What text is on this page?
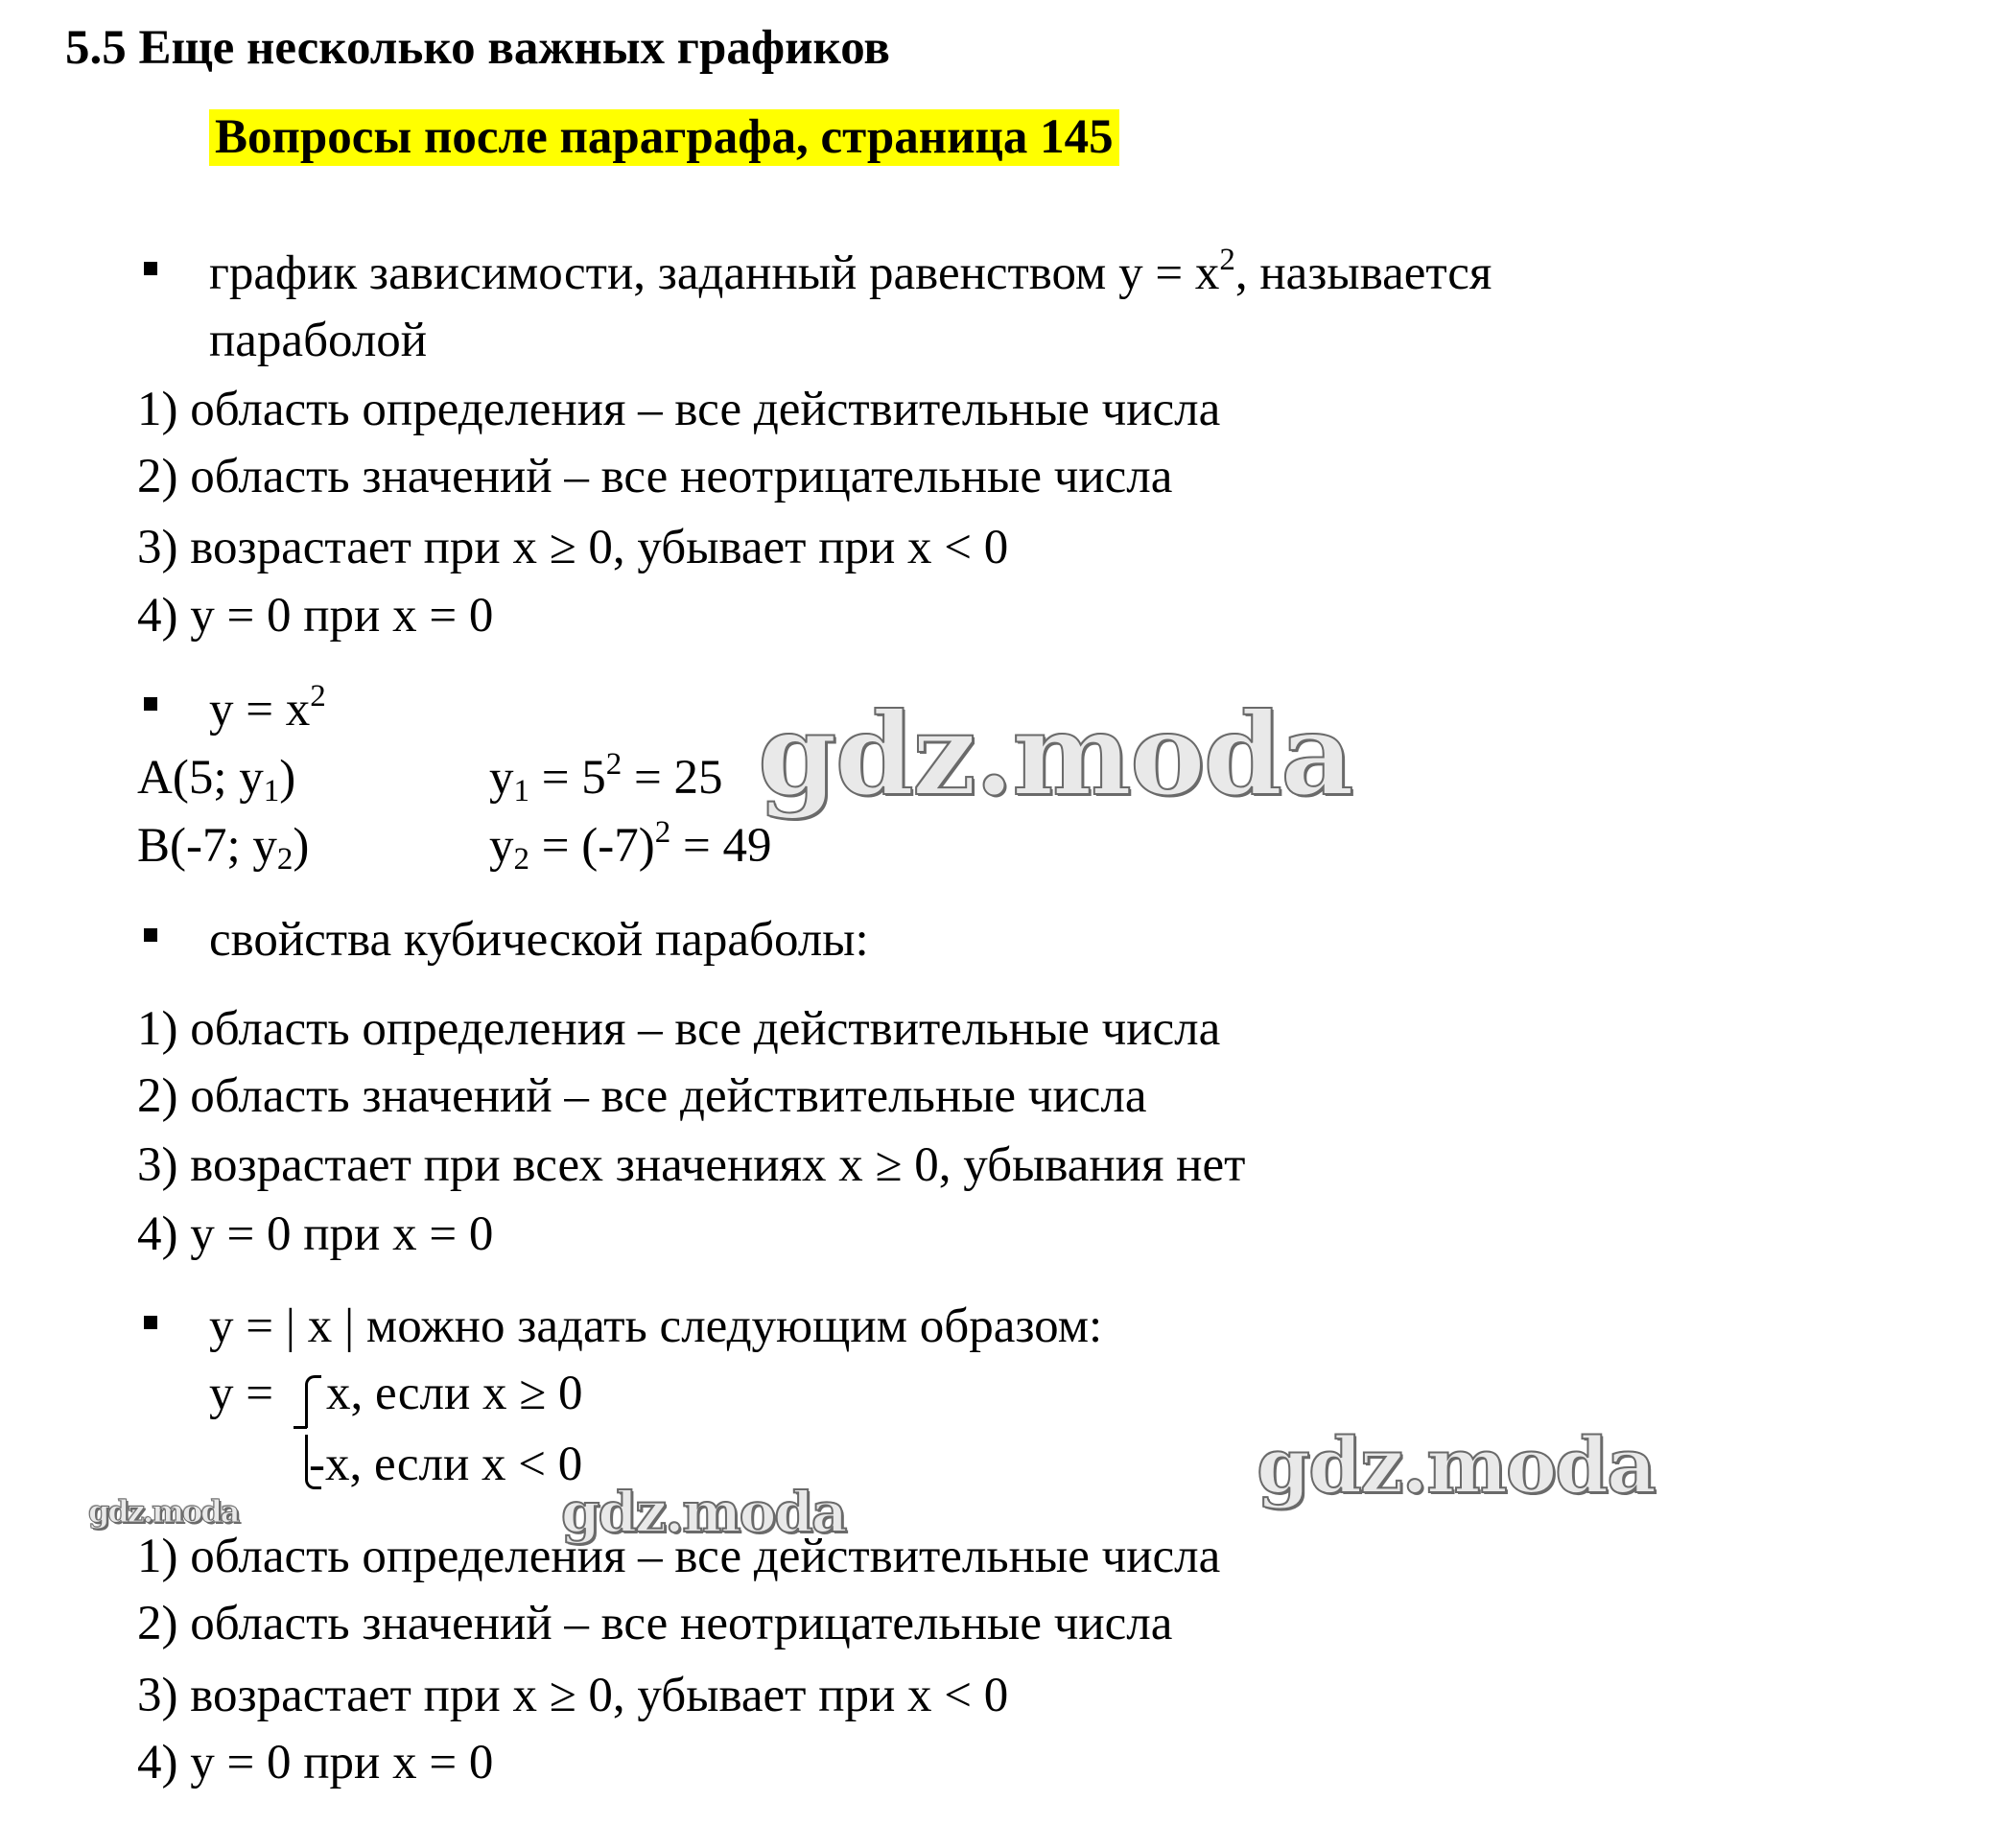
5.5 Еще несколько важных графиков
Вопросы после параграфа, страница 145
график зависимости, заданный равенством $у = х^2$, называется
параболой
1) область определения – все действительные числа
2) область значений – все неотрицательные числа
3) возрастает при х ≥ 0, убывает при х < 0
4) у = 0 при х = 0
$у = х^2$
А(5; $у_1$)	$у_1 = 5^2 = 25$
В(-7; $у_2$)	$у_2 = (-7)^2 = 49$
свойства кубической параболы:
1) область определения – все действительные числа
2) область значений – все действительные числа
3) возрастает при всех значениях х ≥ 0, убывания нет
4) у = 0 при х = 0
у = | х | можно задать следующим образом:
у = х, если х ≥ 0
-х, если х < 0
1) область определения – все действительные числа
2) область значений – все неотрицательные числа
3) возрастает при х ≥ 0, убывает при х < 0
4) у = 0 при х = 0
gdz.moda
gdz.moda
gdz.moda
gdz.moda
